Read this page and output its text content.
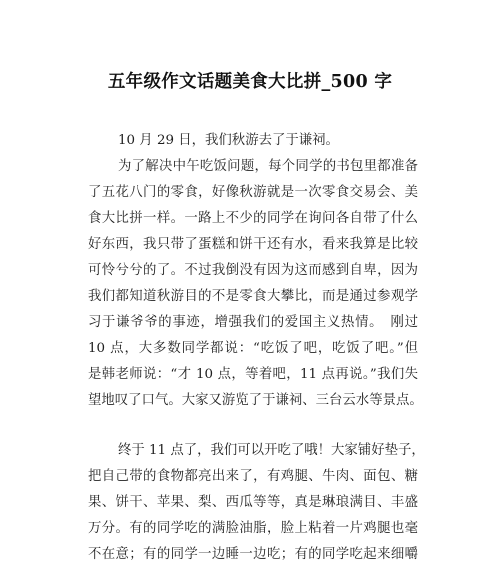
五年级作文话题美食大比拼_500 字
10 月 29 日，我们秋游去了于谦祠。
为了解决中午吃饭问题，每个同学的书包里都准备
了五花八门的零食，好像秋游就是一次零食交易会、美
食大比拼一样。一路上不少的同学在询问各自带了什么
好东西，我只带了蛋糕和饼干还有水，看来我算是比较
可怜兮兮的了。不过我倒没有因为这而感到自卑，因为
我们都知道秋游目的不是零食大攀比，而是通过参观学
习于谦爷爷的事迹，增强我们的爱国主义热情。　刚过
10 点，大多数同学都说：“吃饭了吧，吃饭了吧。”但
是韩老师说：“才 10 点，等着吧，11 点再说。”我们失
望地叹了口气。大家又游览了于谦祠、三台云水等景点。
终于 11 点了，我们可以开吃了哦！大家铺好垫子，
把自己带的食物都亮出来了，有鸡腿、牛肉、面包、糖
果、饼干、苹果、梨、西瓜等等，真是琳琅满目、丰盛
万分。有的同学吃的满脸油脂，脸上粘着一片鸡腿也毫
不在意；有的同学一边睡一边吃；有的同学吃起来细嚼
